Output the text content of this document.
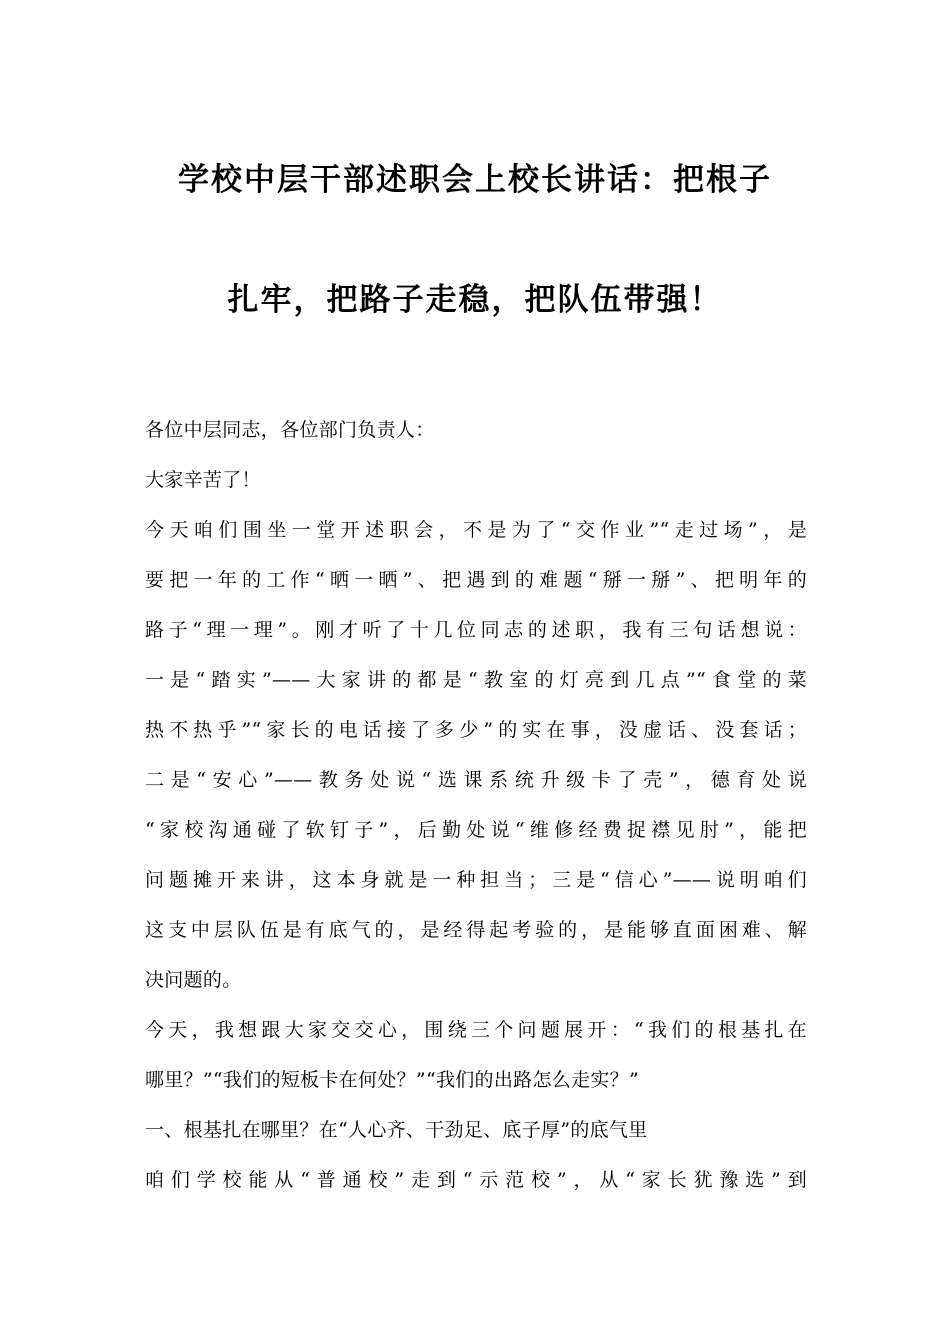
学校中层干部述职会上校长讲话：把根子
扎牢，把路子走稳，把队伍带强！
各位中层同志，各位部门负责人：
大家辛苦了！
今天咱们围坐一堂开述职会，不是为了“交作业”“走过场”，是
要把一年的工作“晒一晒”、把遇到的难题“掰一掰”、把明年的
路子“理一理”。刚才听了十几位同志的述职，我有三句话想说：
一是“踏实”——大家讲的都是“教室的灯亮到几点”“食堂的菜
热不热乎”“家长的电话接了多少”的实在事，没虚话、没套话；
二是“安心”——教务处说“选课系统升级卡了壳”，德育处说
“家校沟通碰了软钉子”，后勤处说“维修经费捉襟见肘”，能把
问题摊开来讲，这本身就是一种担当；三是“信心”——说明咱们
这支中层队伍是有底气的，是经得起考验的，是能够直面困难、解
决问题的。
今天，我想跟大家交交心，围绕三个问题展开：“我们的根基扎在
哪里？”“我们的短板卡在何处？”“我们的出路怎么走实？”
一、根基扎在哪里？在“人心齐、干劲足、底子厚”的底气里
咱们学校能从“普通校”走到“示范校”，从“家长犹豫选”到
